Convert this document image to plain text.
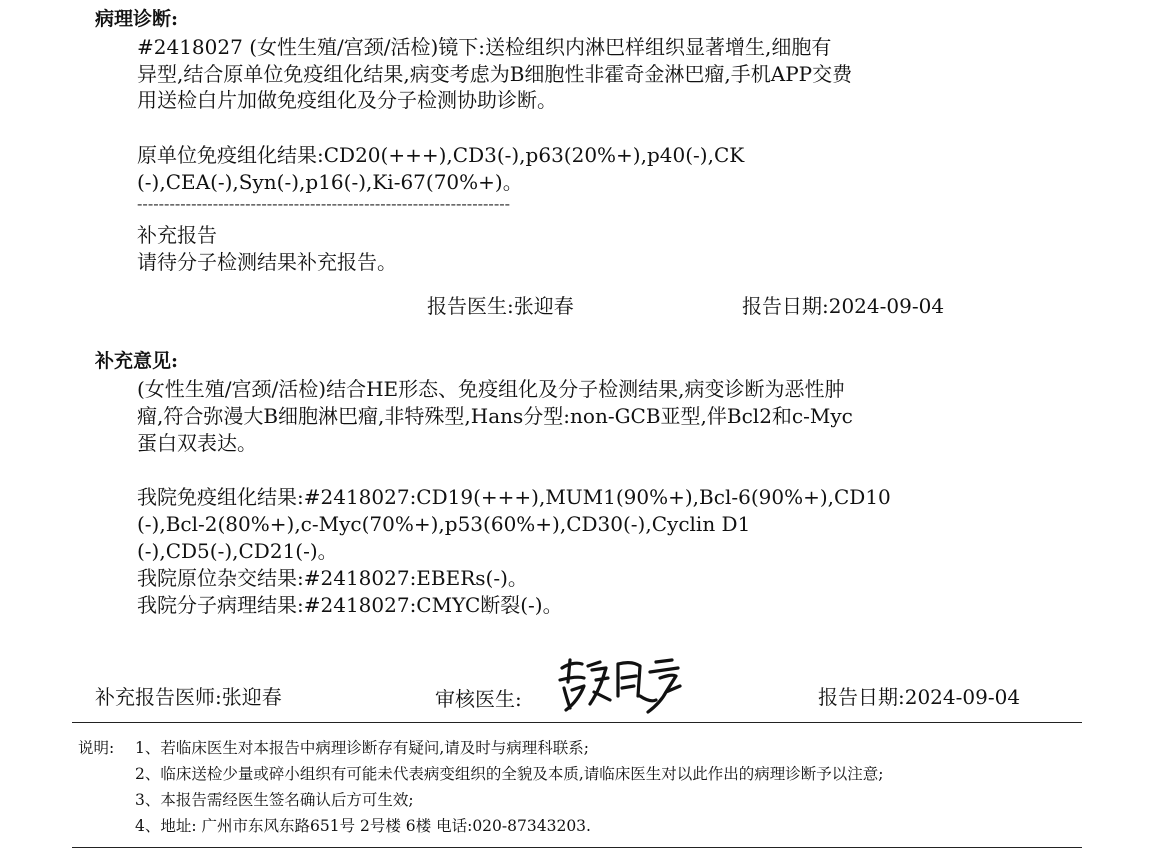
病理诊断:
#2418027 (女性生殖/宫颈/活检)镜下:送检组织内淋巴样组织显著增生,细胞有
异型,结合原单位免疫组化结果,病变考虑为B细胞性非霍奇金淋巴瘤,手机APP交费
用送检白片加做免疫组化及分子检测协助诊断。
原单位免疫组化结果:CD20(+++),CD3(-),p63(20%+),p40(-),CK
(-),CEA(-),Syn(-),p16(-),Ki-67(70%+)。
---------------------------------------------------------------------
补充报告
请待分子检测结果补充报告。
报告医生:张迎春	报告日期:2024-09-04
补充意见:
(女性生殖/宫颈/活检)结合HE形态、免疫组化及分子检测结果,病变诊断为恶性肿
瘤,符合弥漫大B细胞淋巴瘤,非特殊型,Hans分型:non-GCB亚型,伴Bcl2和c-Myc
蛋白双表达。
我院免疫组化结果:#2418027:CD19(+++),MUM1(90%+),Bcl-6(90%+),CD10
(-),Bcl-2(80%+),c-Myc(70%+),p53(60%+),CD30(-),Cyclin D1
(-),CD5(-),CD21(-)。
我院原位杂交结果:#2418027:EBERs(-)。
我院分子病理结果:#2418027:CMYC断裂(-)。
补充报告医师:张迎春	审核医生:	报告日期:2024-09-04
说明: 1、若临床医生对本报告中病理诊断存有疑问,请及时与病理科联系;
2、临床送检少量或碎小组织有可能未代表病变组织的全貌及本质,请临床医生对以此作出的病理诊断予以注意;
3、本报告需经医生签名确认后方可生效;
4、地址: 广州市东风东路651号 2号楼 6楼 电话:020-87343203.
